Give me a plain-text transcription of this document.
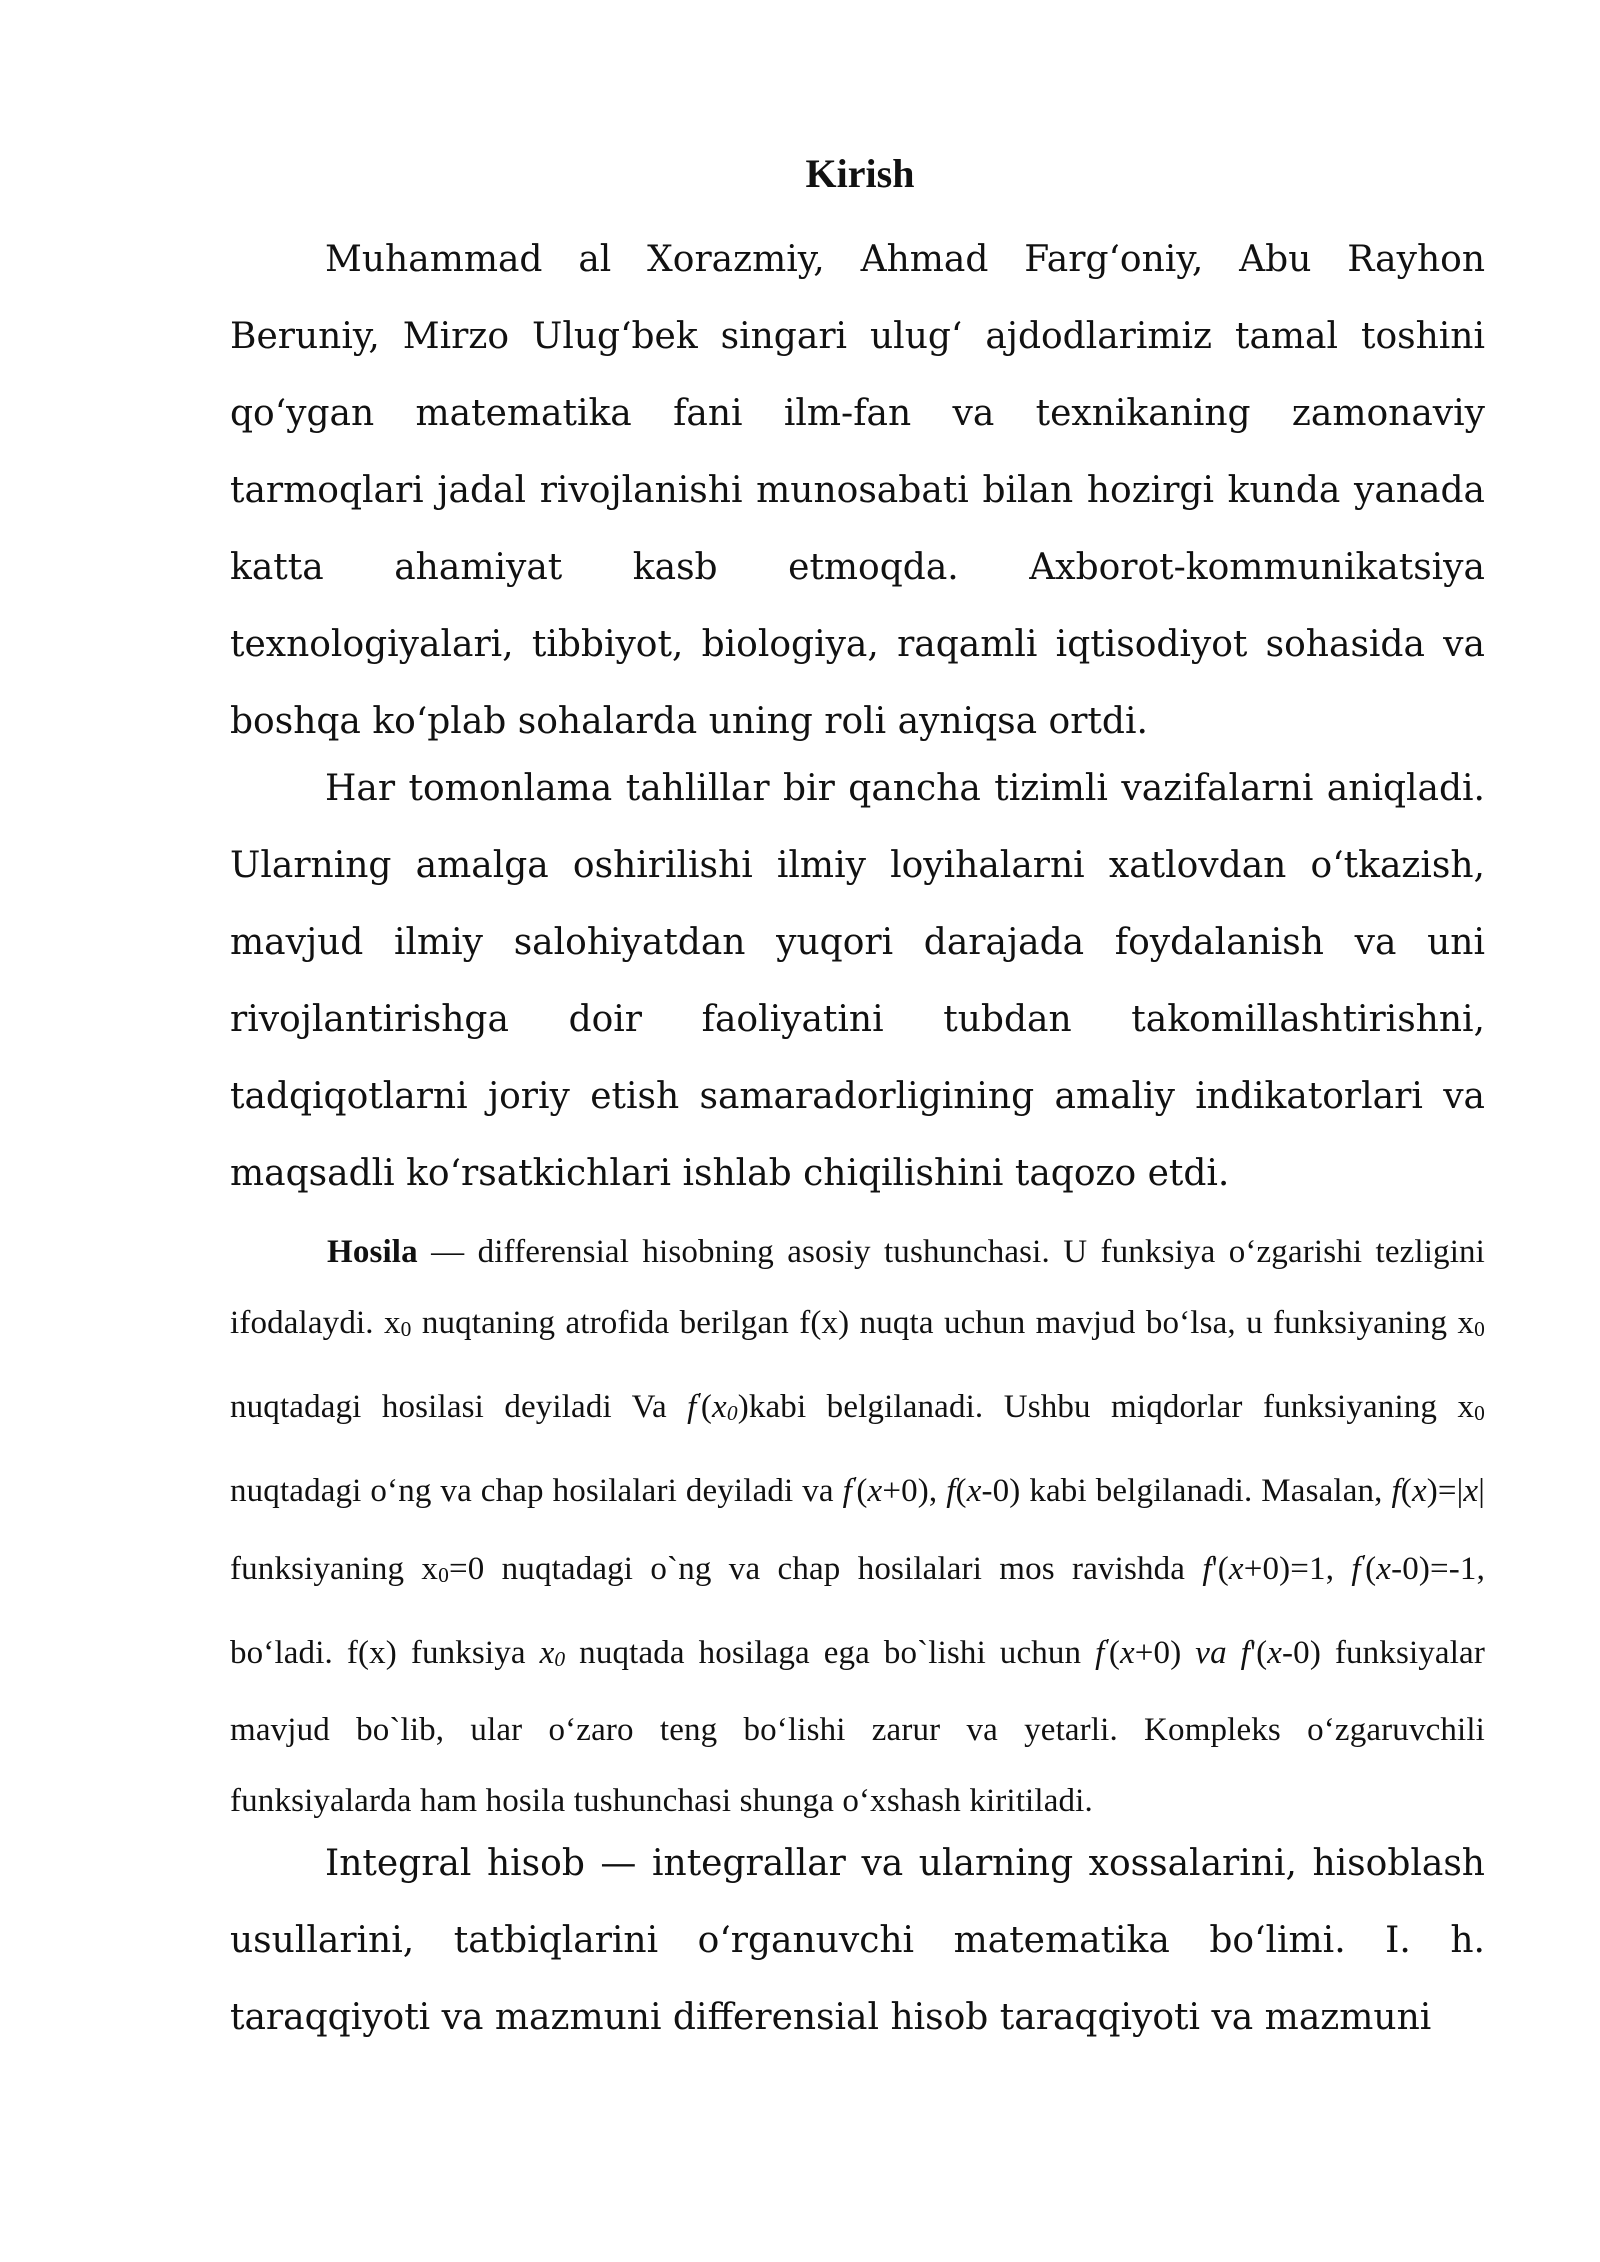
Kirish

Muhammad al Xorazmiy, Ahmad Farg‘oniy, Abu Rayhon Beruniy, Mirzo Ulug‘bek singari ulug‘ ajdodlarimiz tamal toshini qo‘ygan matematika fani ilm-fan va texnikaning zamonaviy tarmoqlari jadal rivojlanishi munosabati bilan hozirgi kunda yanada katta ahamiyat kasb etmoqda. Axborot-kommunikatsiya texnologiyalari, tibbiyot, biologiya, raqamli iqtisodiyot sohasida va boshqa ko‘plab sohalarda uning roli ayniqsa ortdi.

Har tomonlama tahlillar bir qancha tizimli vazifalarni aniqladi. Ularning amalga oshirilishi ilmiy loyihalarni xatlovdan o‘tkazish, mavjud ilmiy salohiyatdan yuqori darajada foydalanish va uni rivojlantirishga doir faoliyatini tubdan takomillashtirishni, tadqiqotlarni joriy etish samaradorligining amaliy indikatorlari va maqsadli ko‘rsatkichlari ishlab chiqilishini taqozo etdi.

Hosila — differensial hisobning asosiy tushunchasi. U funksiya o‘zgarishi tezligini ifodalaydi. x0 nuqtaning atrofida berilgan f(x) nuqta uchun mavjud bo‘lsa, u funksiyaning x0 nuqtadagi hosilasi deyiladi Va f'(x0)kabi belgilanadi. Ushbu miqdorlar funksiyaning x0 nuqtadagi o‘ng va chap hosilalari deyiladi va f'(x+0), f(x-0) kabi belgilanadi. Masalan, f(x)=|x| funksiyaning x0=0 nuqtadagi o`ng va chap hosilalari mos ravishda f'(x+0)=1, f'(x-0)=-1, bo‘ladi. f(x) funksiya x0 nuqtada hosilaga ega bo`lishi uchun f'(x+0) va f'(x-0) funksiyalar mavjud bo`lib, ular o‘zaro teng bo‘lishi zarur va yetarli. Kompleks o‘zgaruvchili funksiyalarda ham hosila tushunchasi shunga o‘xshash kiritiladi.

Integral hisob — integrallar va ularning xossalarini, hisoblash usullarini, tatbiqlarini o‘rganuvchi matematika bo‘limi. I. h. taraqqiyoti va mazmuni differensial hisob taraqqiyoti va mazmuni
